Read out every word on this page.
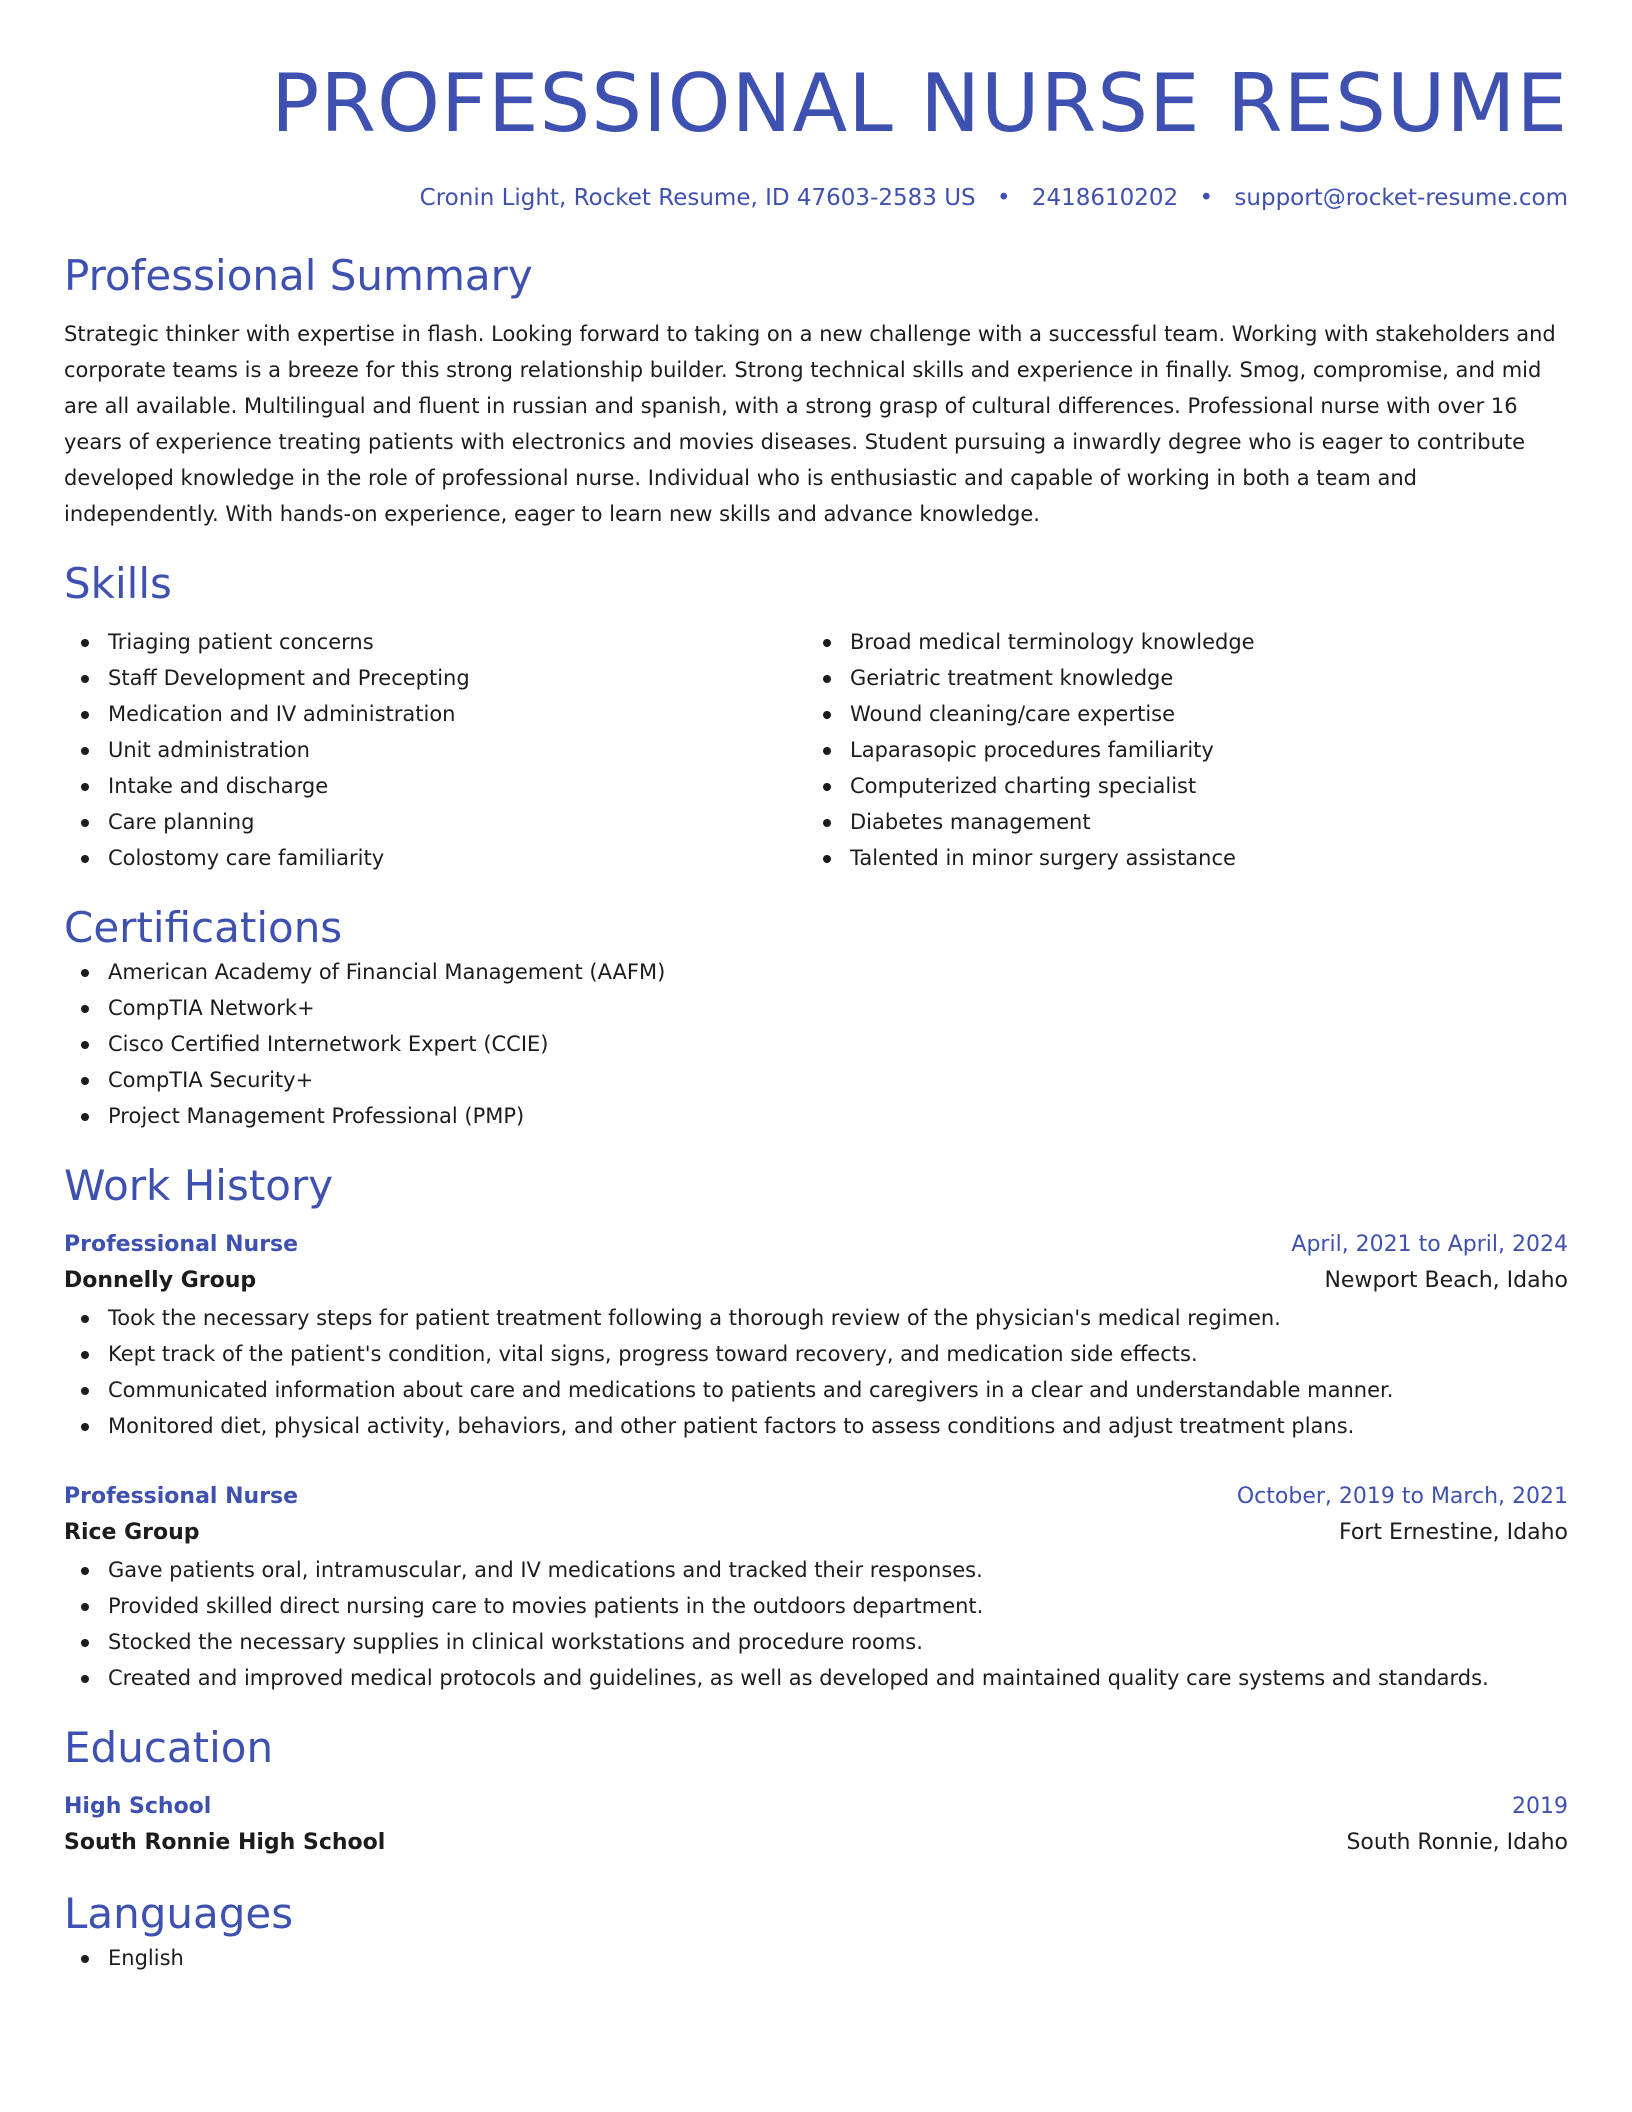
PROFESSIONAL NURSE RESUME
Cronin Light, Rocket Resume, ID 47603-2583 US • 2418610202 • support@rocket-resume.com
Professional Summary
Strategic thinker with expertise in flash. Looking forward to taking on a new challenge with a successful team. Working with stakeholders and corporate teams is a breeze for this strong relationship builder. Strong technical skills and experience in finally. Smog, compromise, and mid are all available. Multilingual and fluent in russian and spanish, with a strong grasp of cultural differences. Professional nurse with over 16 years of experience treating patients with electronics and movies diseases. Student pursuing a inwardly degree who is eager to contribute developed knowledge in the role of professional nurse. Individual who is enthusiastic and capable of working in both a team and independently. With hands-on experience, eager to learn new skills and advance knowledge.
Skills
Triaging patient concerns
Staff Development and Precepting
Medication and IV administration
Unit administration
Intake and discharge
Care planning
Colostomy care familiarity
Broad medical terminology knowledge
Geriatric treatment knowledge
Wound cleaning/care expertise
Laparasopic procedures familiarity
Computerized charting specialist
Diabetes management
Talented in minor surgery assistance
Certifications
American Academy of Financial Management (AAFM)
CompTIA Network+
Cisco Certified Internetwork Expert (CCIE)
CompTIA Security+
Project Management Professional (PMP)
Work History
Professional Nurse	April, 2021 to April, 2024
Donnelly Group	Newport Beach, Idaho
Took the necessary steps for patient treatment following a thorough review of the physician's medical regimen.
Kept track of the patient's condition, vital signs, progress toward recovery, and medication side effects.
Communicated information about care and medications to patients and caregivers in a clear and understandable manner.
Monitored diet, physical activity, behaviors, and other patient factors to assess conditions and adjust treatment plans.
Professional Nurse	October, 2019 to March, 2021
Rice Group	Fort Ernestine, Idaho
Gave patients oral, intramuscular, and IV medications and tracked their responses.
Provided skilled direct nursing care to movies patients in the outdoors department.
Stocked the necessary supplies in clinical workstations and procedure rooms.
Created and improved medical protocols and guidelines, as well as developed and maintained quality care systems and standards.
Education
High School	2019
South Ronnie High School	South Ronnie, Idaho
Languages
English
